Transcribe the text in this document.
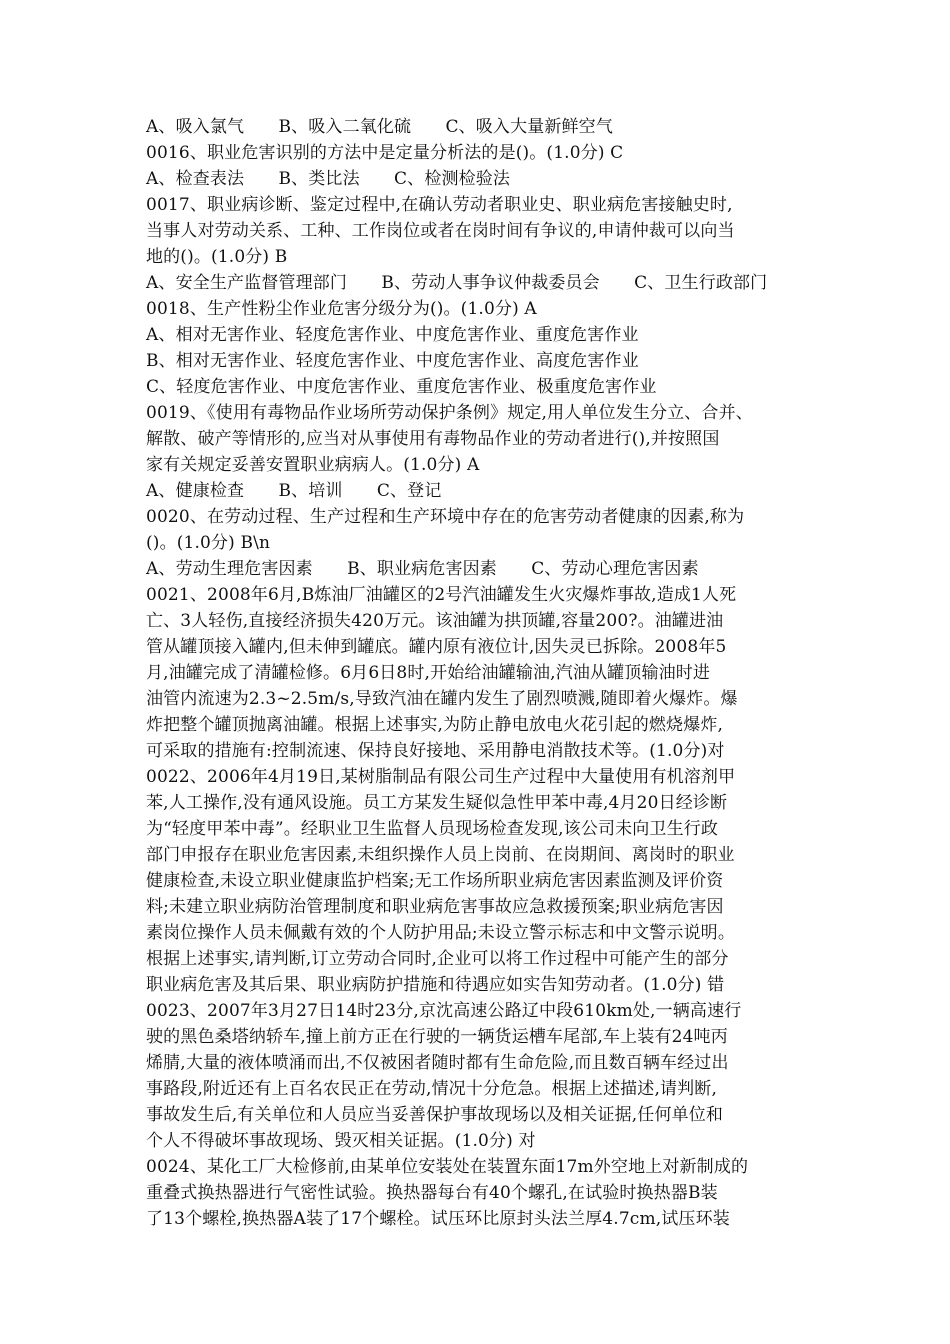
A、吸入氯气　　B、吸入二氧化硫　　C、吸入大量新鲜空气
0016、职业危害识别的方法中是定量分析法的是()。(1.0分) C
A、检查表法　　B、类比法　　C、检测检验法
0017、职业病诊断、鉴定过程中,在确认劳动者职业史、职业病危害接触史时,
当事人对劳动关系、工种、工作岗位或者在岗时间有争议的,申请仲裁可以向当
地的()。(1.0分) B
A、安全生产监督管理部门　　B、劳动人事争议仲裁委员会　　C、卫生行政部门
0018、生产性粉尘作业危害分级分为()。(1.0分) A
A、相对无害作业、轻度危害作业、中度危害作业、重度危害作业
B、相对无害作业、轻度危害作业、中度危害作业、高度危害作业
C、轻度危害作业、中度危害作业、重度危害作业、极重度危害作业
0019、《使用有毒物品作业场所劳动保护条例》规定,用人单位发生分立、合并、
解散、破产等情形的,应当对从事使用有毒物品作业的劳动者进行(),并按照国
家有关规定妥善安置职业病病人。(1.0分) A
A、健康检查　　B、培训　　C、登记
0020、在劳动过程、生产过程和生产环境中存在的危害劳动者健康的因素,称为
()。(1.0分) B\n
A、劳动生理危害因素　　B、职业病危害因素　　C、劳动心理危害因素
0021、2008年6月,B炼油厂油罐区的2号汽油罐发生火灾爆炸事故,造成1人死
亡、3人轻伤,直接经济损失420万元。该油罐为拱顶罐,容量200?。油罐进油
管从罐顶接入罐内,但未伸到罐底。罐内原有液位计,因失灵已拆除。2008年5
月,油罐完成了清罐检修。6月6日8时,开始给油罐输油,汽油从罐顶输油时进
油管内流速为2.3~2.5m/s,导致汽油在罐内发生了剧烈喷溅,随即着火爆炸。爆
炸把整个罐顶抛离油罐。根据上述事实,为防止静电放电火花引起的燃烧爆炸,
可采取的措施有:控制流速、保持良好接地、采用静电消散技术等。(1.0分)对
0022、2006年4月19日,某树脂制品有限公司生产过程中大量使用有机溶剂甲
苯,人工操作,没有通风设施。员工方某发生疑似急性甲苯中毒,4月20日经诊断
为“轻度甲苯中毒”。经职业卫生监督人员现场检查发现,该公司未向卫生行政
部门申报存在职业危害因素,未组织操作人员上岗前、在岗期间、离岗时的职业
健康检查,未设立职业健康监护档案;无工作场所职业病危害因素监测及评价资
料;未建立职业病防治管理制度和职业病危害事故应急救援预案;职业病危害因
素岗位操作人员未佩戴有效的个人防护用品;未设立警示标志和中文警示说明。
根据上述事实,请判断,订立劳动合同时,企业可以将工作过程中可能产生的部分
职业病危害及其后果、职业病防护措施和待遇应如实告知劳动者。(1.0分) 错
0023、2007年3月27日14时23分,京沈高速公路辽中段610km处,一辆高速行
驶的黑色桑塔纳轿车,撞上前方正在行驶的一辆货运槽车尾部,车上装有24吨丙
烯腈,大量的液体喷涌而出,不仅被困者随时都有生命危险,而且数百辆车经过出
事路段,附近还有上百名农民正在劳动,情况十分危急。根据上述描述,请判断,
事故发生后,有关单位和人员应当妥善保护事故现场以及相关证据,任何单位和
个人不得破坏事故现场、毁灭相关证据。(1.0分) 对
0024、某化工厂大检修前,由某单位安装处在装置东面17m外空地上对新制成的
重叠式换热器进行气密性试验。换热器每台有40个螺孔,在试验时换热器B装
了13个螺栓,换热器A装了17个螺栓。试压环比原封头法兰厚4.7cm,试压环装
